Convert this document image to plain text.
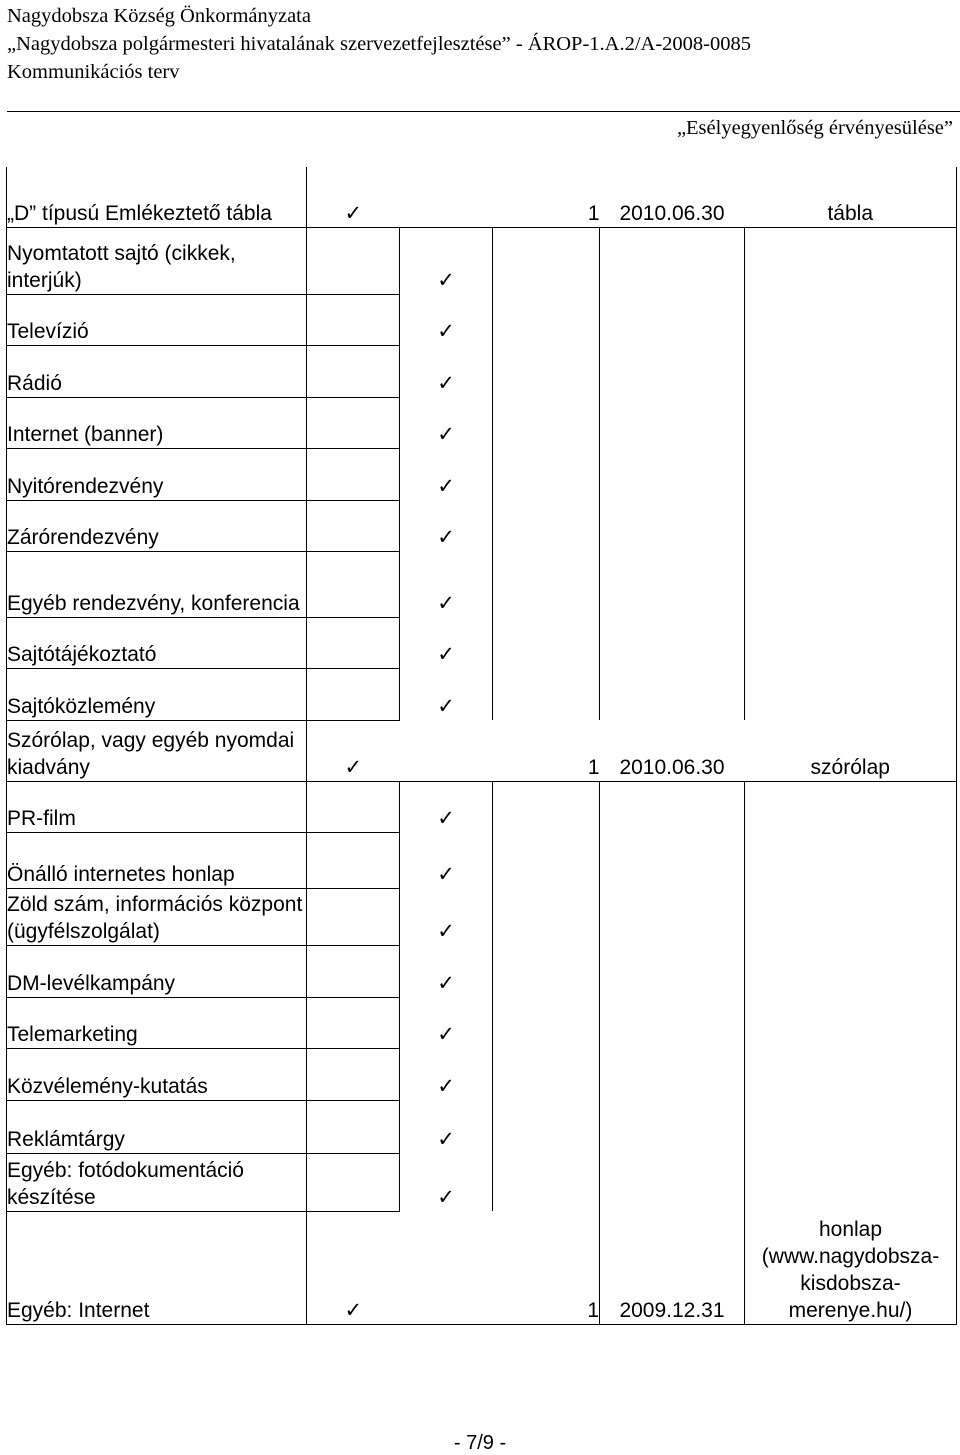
Nagydobsza Község Önkormányzata
„Nagydobsza polgármesteri hivatalának szervezetfejlesztése” - ÁROP-1.A.2/A-2008-0085
Kommunikációs terv
„Esélyegyenlőség érvényesülése”
„D” típusú Emlékeztető tábla	✓		1	2010.06.30	tábla
Nyomtatott sajtó (cikkek, interjúk)		✓			
Televízió		✓			
Rádió		✓			
Internet (banner)		✓			
Nyitórendezvény		✓			
Zárórendezvény		✓			
Egyéb rendezvény, konferencia		✓			
Sajtótájékoztató		✓			
Sajtóközlemény		✓			
Szórólap, vagy egyéb nyomdai kiadvány	✓		1	2010.06.30	szórólap
PR-film		✓			
Önálló internetes honlap		✓			
Zöld szám, információs központ (ügyfélszolgálat)		✓			
DM-levélkampány		✓			
Telemarketing		✓			
Közvélemény-kutatás		✓			
Reklámtárgy		✓			
Egyéb: fotódokumentáció készítése		✓			
Egyéb: Internet	✓		1	2009.12.31	honlap (www.nagydobsza-kisdobsza-merenye.hu/)
- 7/9 -
